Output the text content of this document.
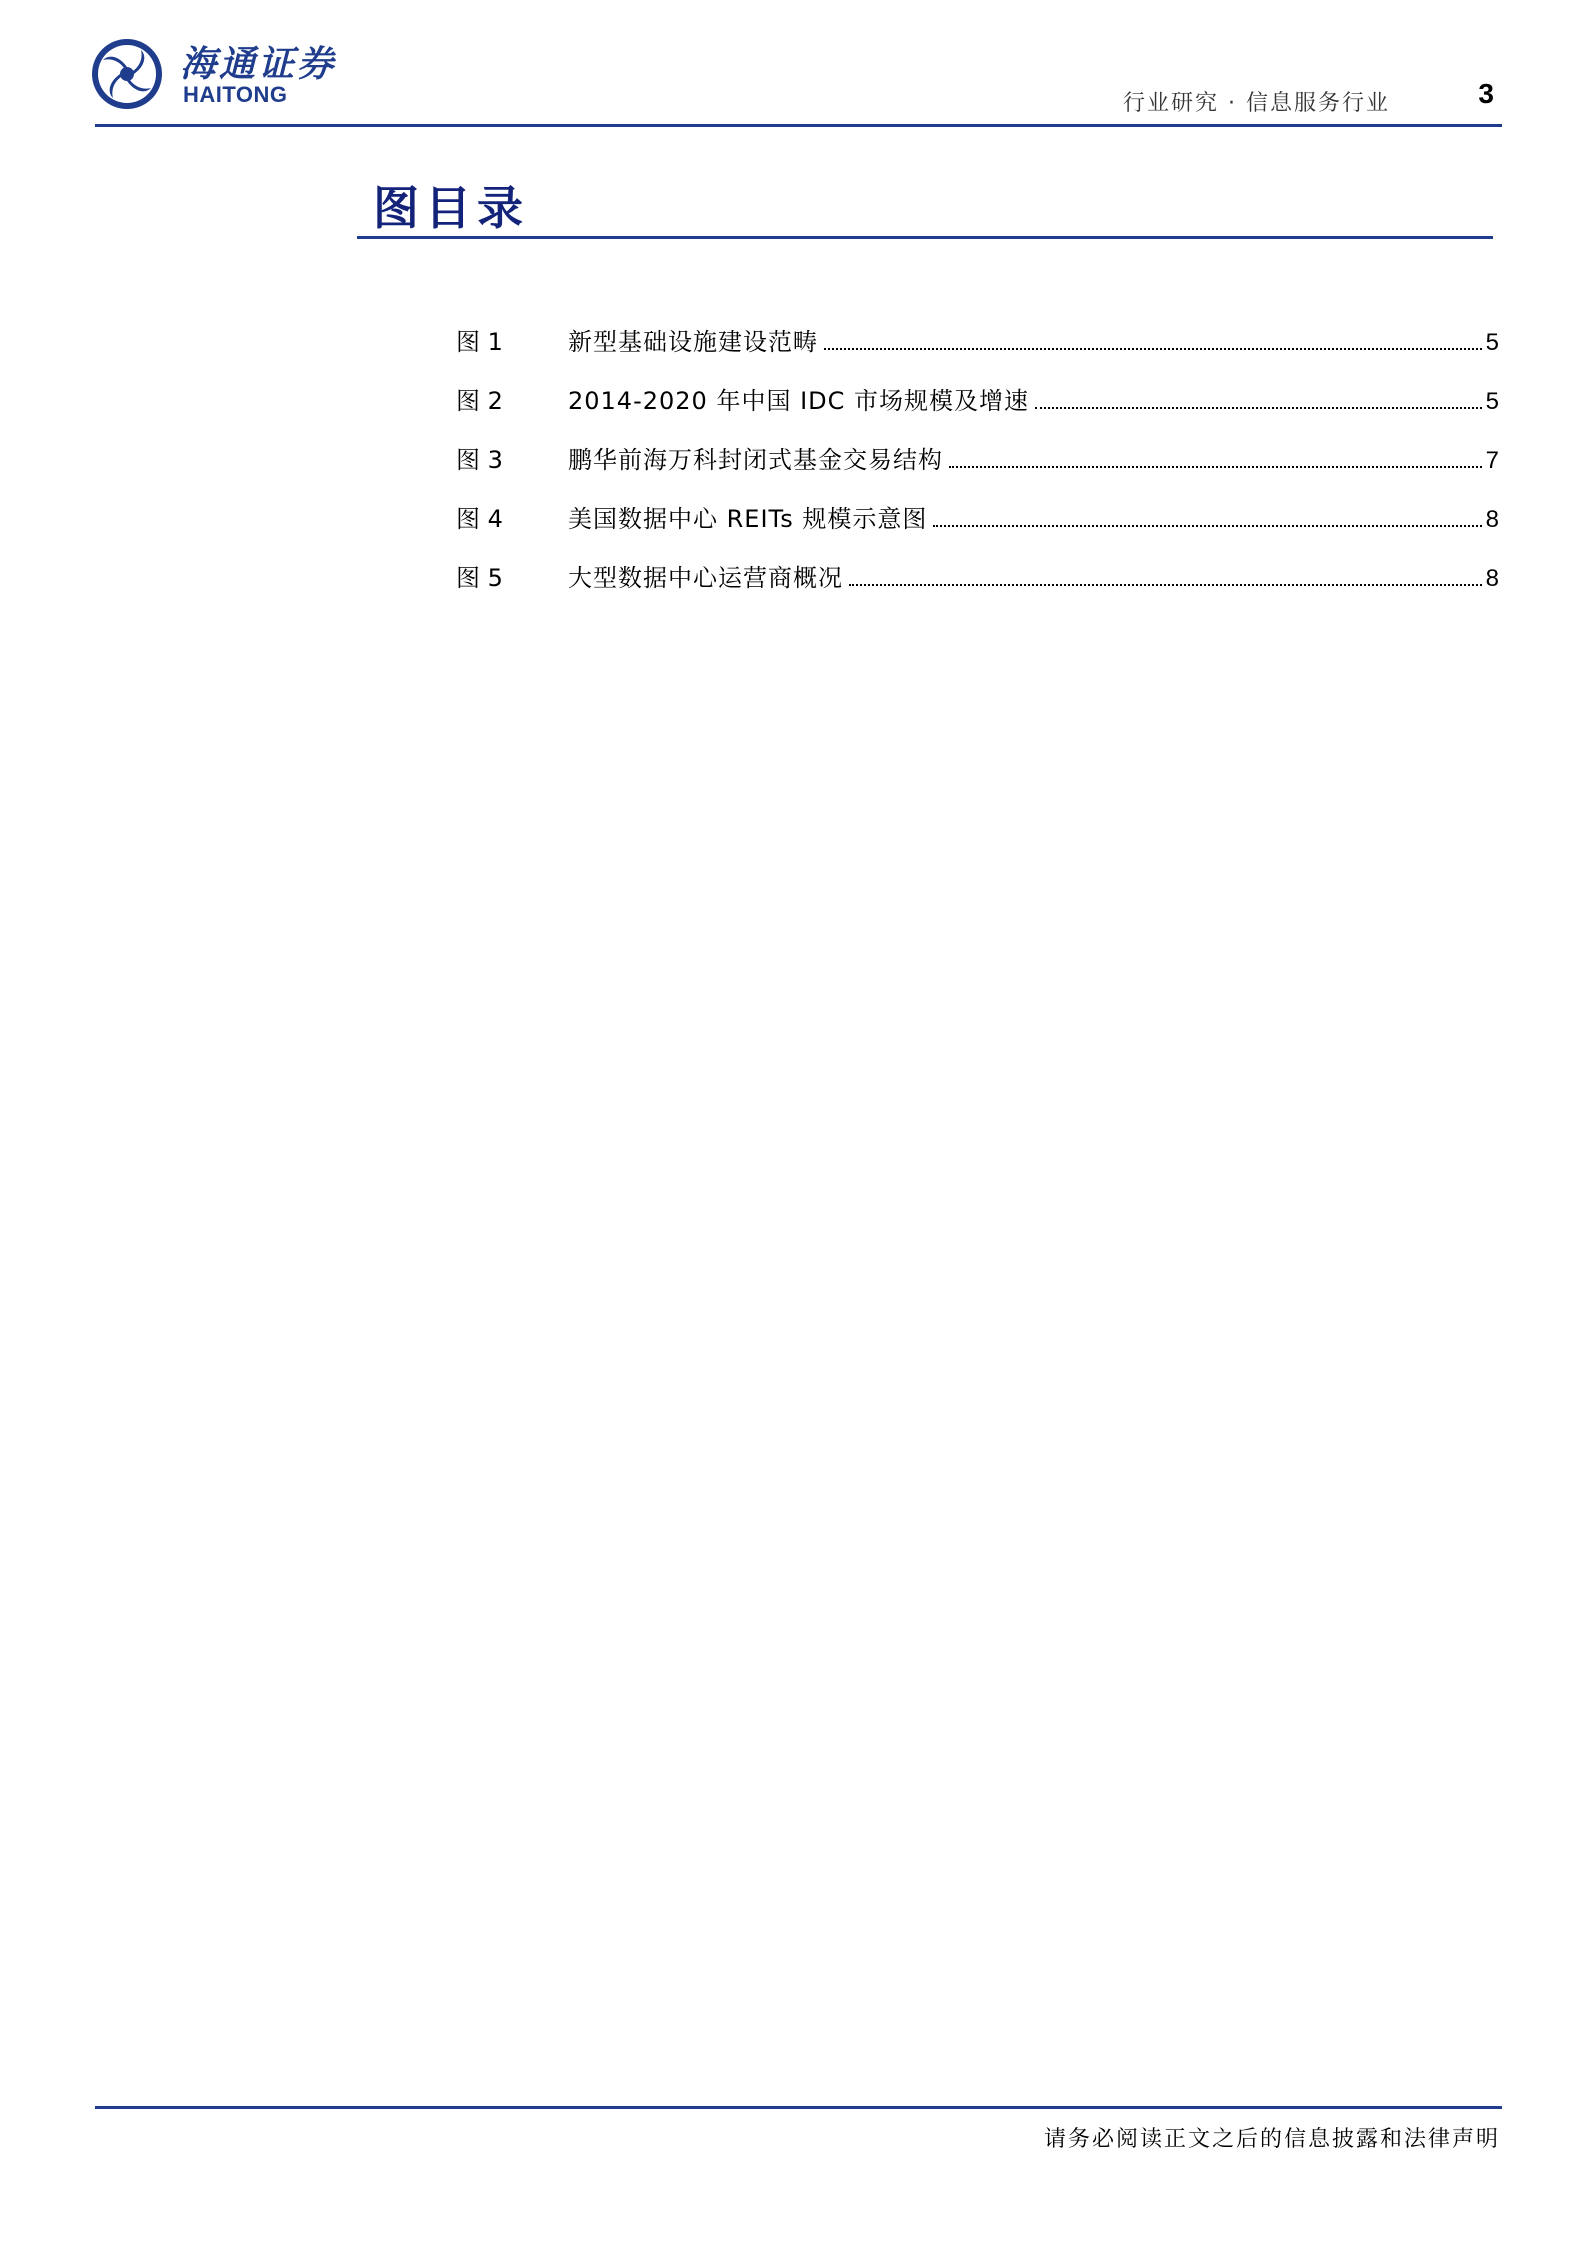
海通证券
HAITONG	行业研究 · 信息服务行业	3
图目录
图 1	新型基础设施建设范畴	5
图 2	2014-2020 年中国 IDC 市场规模及增速	5
图 3	鹏华前海万科封闭式基金交易结构	7
图 4	美国数据中心 REITs 规模示意图	8
图 5	大型数据中心运营商概况	8
请务必阅读正文之后的信息披露和法律声明
